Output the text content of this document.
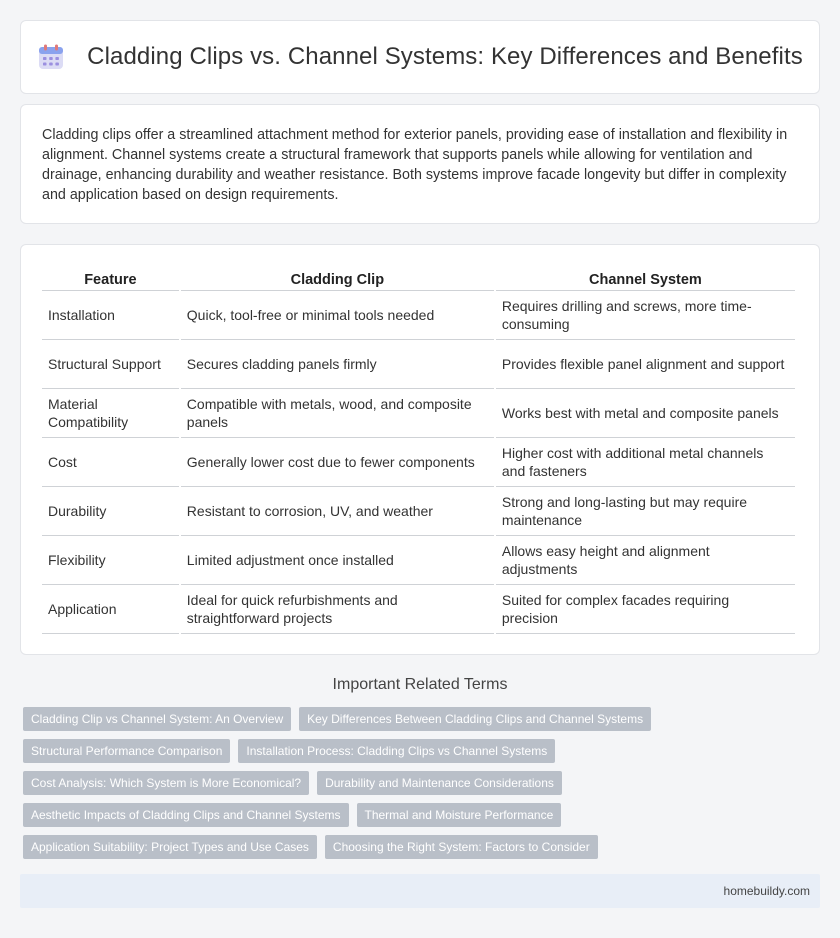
Cladding Clips vs. Channel Systems: Key Differences and Benefits

Cladding clips offer a streamlined attachment method for exterior panels, providing ease of installation and flexibility in alignment. Channel systems create a structural framework that supports panels while allowing for ventilation and drainage, enhancing durability and weather resistance. Both systems improve facade longevity but differ in complexity and application based on design requirements.

Feature	Cladding Clip	Channel System
Installation	Quick, tool-free or minimal tools needed	Requires drilling and screws, more time-consuming
Structural Support	Secures cladding panels firmly	Provides flexible panel alignment and support
Material Compatibility	Compatible with metals, wood, and composite panels	Works best with metal and composite panels
Cost	Generally lower cost due to fewer components	Higher cost with additional metal channels and fasteners
Durability	Resistant to corrosion, UV, and weather	Strong and long-lasting but may require maintenance
Flexibility	Limited adjustment once installed	Allows easy height and alignment adjustments
Application	Ideal for quick refurbishments and straightforward projects	Suited for complex facades requiring precision
Important Related Terms
Cladding Clip vs Channel System: An Overview	Key Differences Between Cladding Clips and Channel Systems
Structural Performance Comparison	Installation Process: Cladding Clips vs Channel Systems
Cost Analysis: Which System is More Economical?	Durability and Maintenance Considerations
Aesthetic Impacts of Cladding Clips and Channel Systems	Thermal and Moisture Performance
Application Suitability: Project Types and Use Cases	Choosing the Right System: Factors to Consider
homebuildy.com
